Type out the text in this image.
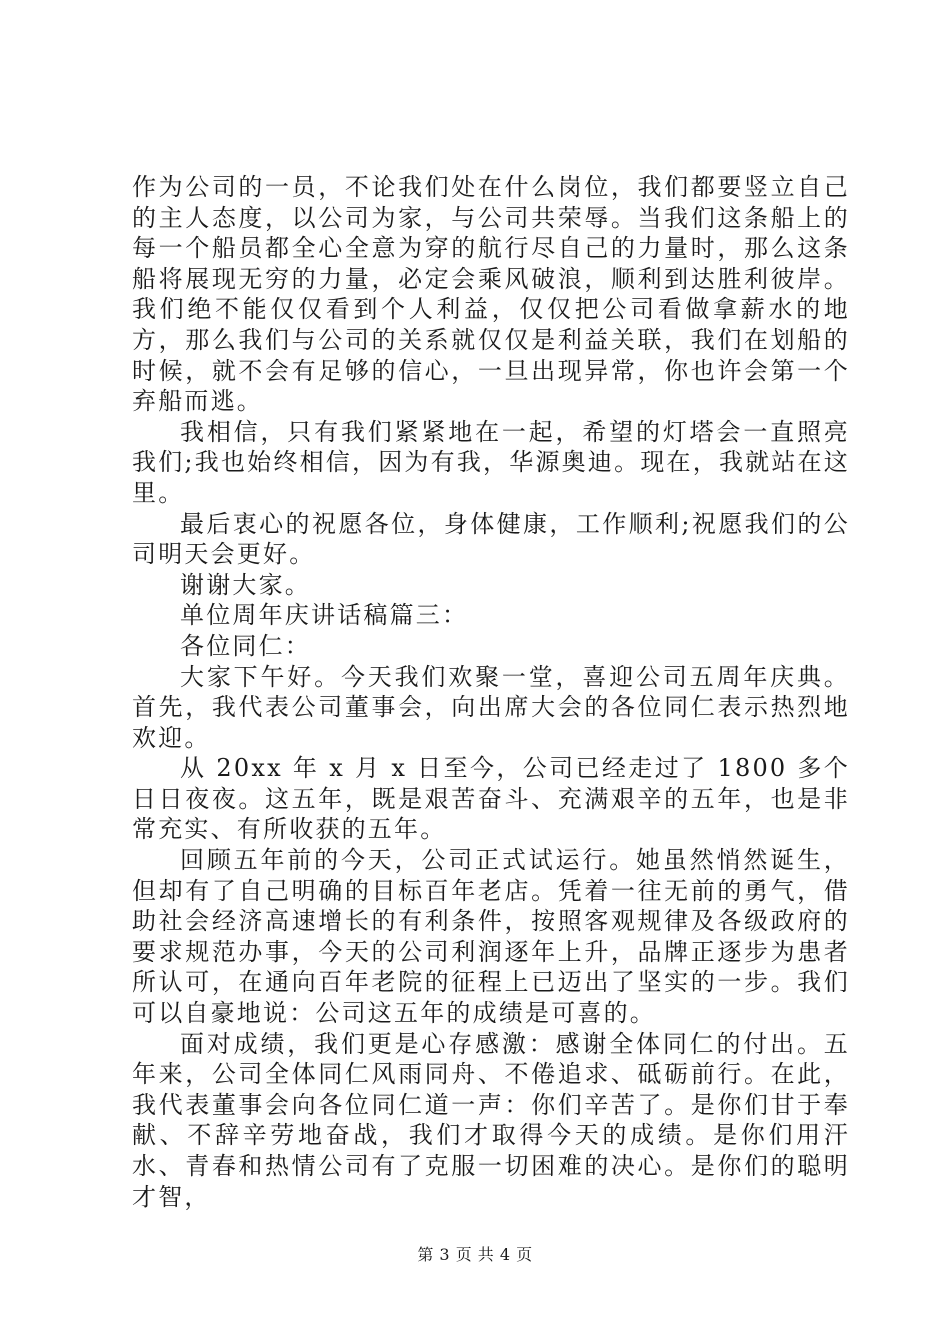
作为公司的一员，不论我们处在什么岗位，我们都要竖立自己的主人态度，以公司为家，与公司共荣辱。当我们这条船上的每一个船员都全心全意为穿的航行尽自己的力量时，那么这条船将展现无穷的力量，必定会乘风破浪，顺利到达胜利彼岸。我们绝不能仅仅看到个人利益，仅仅把公司看做拿薪水的地方，那么我们与公司的关系就仅仅是利益关联，我们在划船的时候，就不会有足够的信心，一旦出现异常，你也许会第一个弃船而逃。

我相信，只有我们紧紧地在一起，希望的灯塔会一直照亮我们;我也始终相信，因为有我，华源奥迪。现在，我就站在这里。

最后衷心的祝愿各位，身体健康，工作顺利;祝愿我们的公司明天会更好。

谢谢大家。

单位周年庆讲话稿篇三：

各位同仁：

大家下午好。今天我们欢聚一堂，喜迎公司五周年庆典。首先，我代表公司董事会，向出席大会的各位同仁表示热烈地欢迎。

从 20xx 年 x 月 x 日至今，公司已经走过了 1800 多个日日夜夜。这五年，既是艰苦奋斗、充满艰辛的五年，也是非常充实、有所收获的五年。

回顾五年前的今天，公司正式试运行。她虽然悄然诞生，但却有了自己明确的目标百年老店。凭着一往无前的勇气，借助社会经济高速增长的有利条件，按照客观规律及各级政府的要求规范办事，今天的公司利润逐年上升，品牌正逐步为患者所认可，在通向百年老院的征程上已迈出了坚实的一步。我们可以自豪地说：公司这五年的成绩是可喜的。

面对成绩，我们更是心存感激：感谢全体同仁的付出。五年来，公司全体同仁风雨同舟、不倦追求、砥砺前行。在此，我代表董事会向各位同仁道一声：你们辛苦了。是你们甘于奉献、不辞辛劳地奋战，我们才取得今天的成绩。是你们用汗水、青春和热情公司有了克服一切困难的决心。是你们的聪明才智，

第 3 页 共 4 页
